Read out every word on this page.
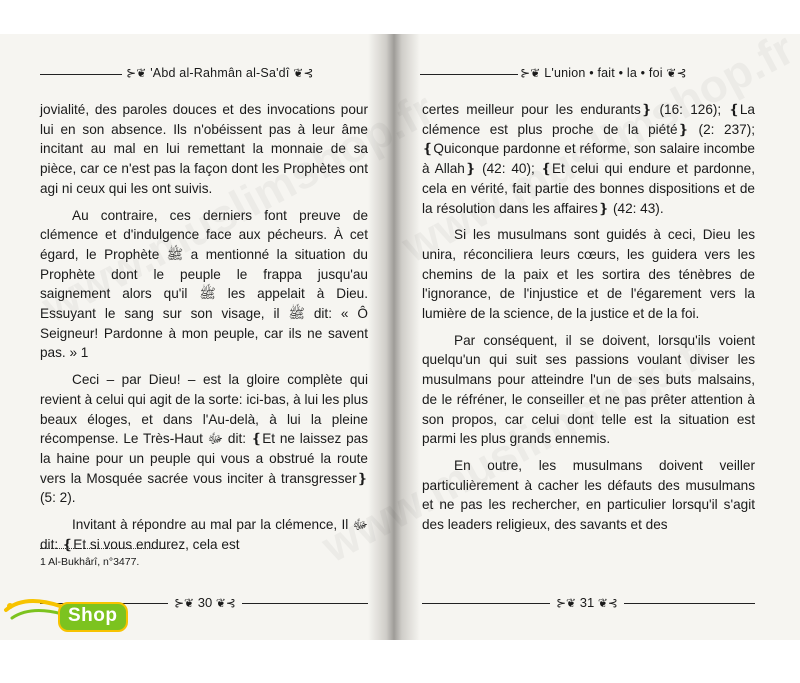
⊱❦ 'Abd al-Rahmân al-Sa'dî ❦⊰

jovialité, des paroles douces et des invocations pour lui en son absence. Ils n'obéissent pas à leur âme incitant au mal en lui remettant la monnaie de sa pièce, car ce n'est pas la façon dont les Prophètes ont agi ni ceux qui les ont suivis.

Au contraire, ces derniers font preuve de clémence et d'indulgence face aux pécheurs. À cet égard, le Prophète ﷺ a mentionné la situation du Prophète dont le peuple le frappa jusqu'au saignement alors qu'il ﷺ les appelait à Dieu. Essuyant le sang sur son visage, il ﷺ dit: « Ô Seigneur! Pardonne à mon peuple, car ils ne savent pas. » 1

Ceci – par Dieu! – est la gloire complète qui revient à celui qui agit de la sorte: ici-bas, à lui les plus beaux éloges, et dans l'Au-delà, à lui la pleine récompense. Le Très-Haut ﷻ dit: ❴Et ne laissez pas la haine pour un peuple qui vous a obstrué la route vers la Mosquée sacrée vous inciter à transgresser❵ (5: 2).

Invitant à répondre au mal par la clémence, Il ﷻ dit: ❴Et si vous endurez, cela est

1 Al-Bukhârî, n°3477.
⊱❦ 30 ❦⊰
⊱❦ L'union • fait • la • foi ❦⊰

certes meilleur pour les endurants❵ (16: 126); ❴La clémence est plus proche de la piété❵ (2: 237); ❴Quiconque pardonne et réforme, son salaire incombe à Allah❵ (42: 40); ❴Et celui qui endure et pardonne, cela en vérité, fait partie des bonnes dispositions et de la résolution dans les affaires❵ (42: 43).

Si les musulmans sont guidés à ceci, Dieu les unira, réconciliera leurs cœurs, les guidera vers les chemins de la paix et les sortira des ténèbres de l'ignorance, de l'injustice et de l'égarement vers la lumière de la science, de la justice et de la foi.

Par conséquent, il se doivent, lorsqu'ils voient quelqu'un qui suit ses passions voulant diviser les musulmans pour atteindre l'un de ses buts malsains, de le réfréner, le conseiller et ne pas prêter attention à son propos, car celui dont telle est la situation est parmi les plus grands ennemis.

En outre, les musulmans doivent veiller particulièrement à cacher les défauts des musulmans et ne pas les rechercher, en particulier lorsqu'il s'agit des leaders religieux, des savants et des

⊱❦ 31 ❦⊰
Shop
